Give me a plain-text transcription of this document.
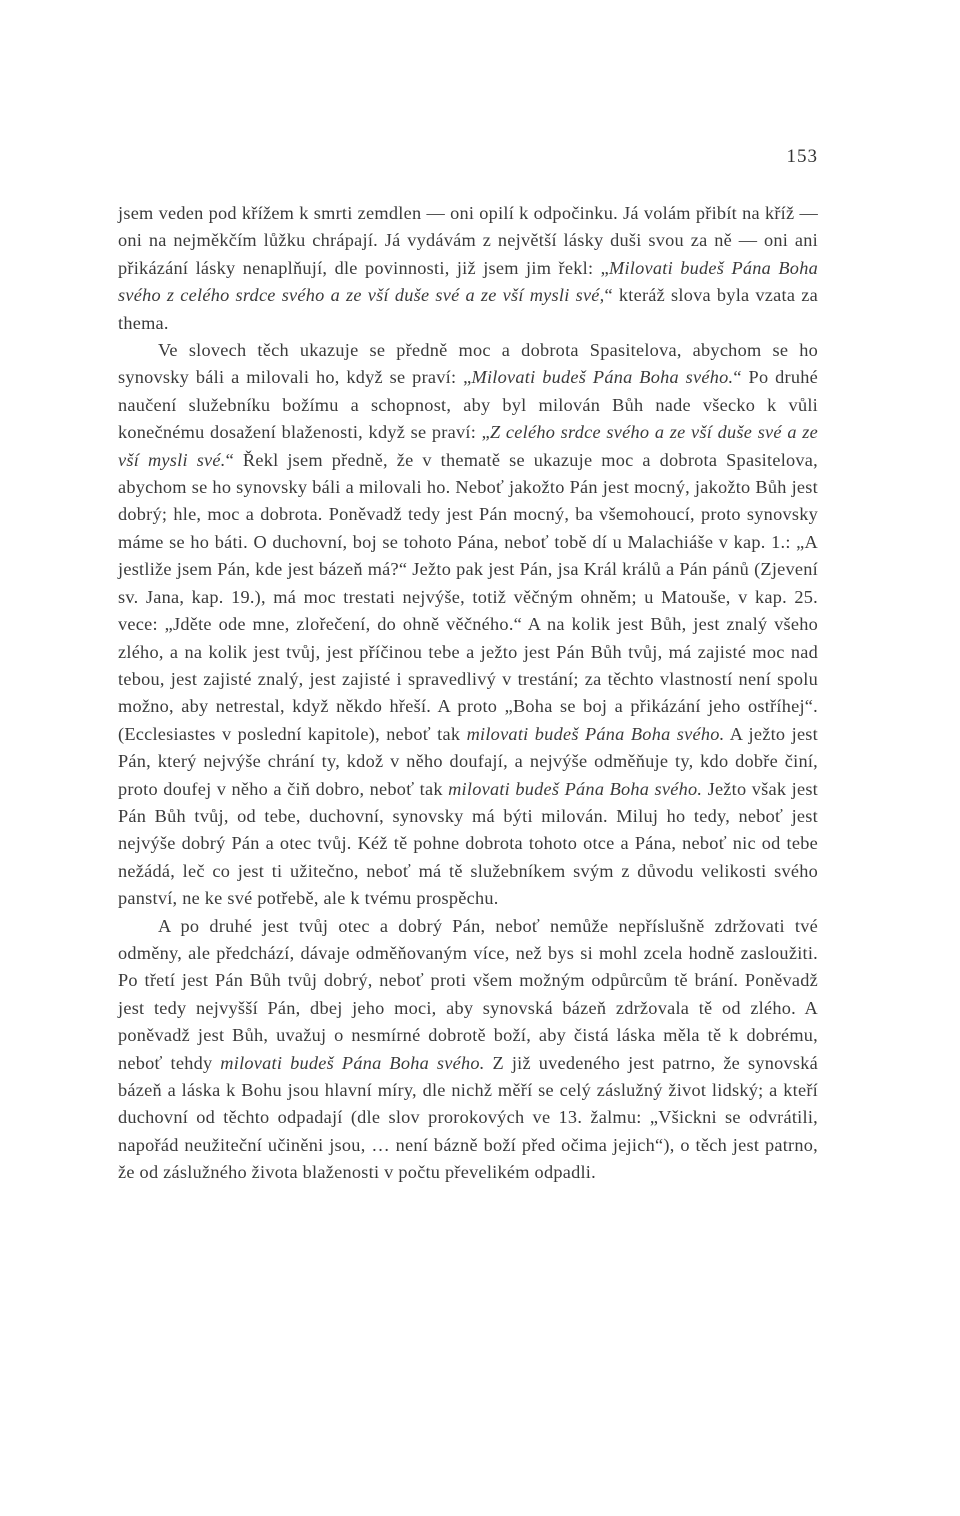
153

jsem veden pod křížem k smrti zemdlen — oni opilí k odpočinku. Já volám přibít na kříž — oni na nejměkčím lůžku chrápají. Já vydávám z největší lásky duši svou za ně — oni ani přikázání lásky nenaplňují, dle povinnosti, již jsem jim řekl: „Milovati budeš Pána Boha svého z celého srdce svého a ze vší duše své a ze vší mysli své,“ kteráž slova byla vzata za thema.

Ve slovech těch ukazuje se předně moc a dobrota Spasitelova, abychom se ho synovsky báli a milovali ho, když se praví: „Milovati budeš Pána Boha svého.“ Po druhé naučení služebníku božímu a schopnost, aby byl milován Bůh nade všecko k vůli konečnému dosažení blaženosti, když se praví: „Z celého srdce svého a ze vší duše své a ze vší mysli své.“ Řekl jsem předně, že v thematě se ukazuje moc a dobrota Spasitelova, abychom se ho synovsky báli a milovali ho. Neboť jakožto Pán jest mocný, jakožto Bůh jest dobrý; hle, moc a dobrota. Poněvadž tedy jest Pán mocný, ba všemohoucí, proto synovsky máme se ho báti. O duchovní, boj se tohoto Pána, neboť tobě dí u Malachiáše v kap. 1.: „A jestliže jsem Pán, kde jest bázeň má?“ Ježto pak jest Pán, jsa Král králů a Pán pánů (Zjevení sv. Jana, kap. 19.), má moc trestati nejvýše, totiž věčným ohněm; u Matouše, v kap. 25. vece: „Jděte ode mne, zlořečení, do ohně věčného.“ A na kolik jest Bůh, jest znalý všeho zlého, a na kolik jest tvůj, jest příčinou tebe a ježto jest Pán Bůh tvůj, má zajisté moc nad tebou, jest zajisté znalý, jest zajisté i spravedlivý v trestání; za těchto vlastností není spolu možno, aby netrestal, když někdo hřeší. A proto „Boha se boj a přikázání jeho ostříhej“. (Ecclesiastes v poslední kapitole), neboť tak milovati budeš Pána Boha svého. A ježto jest Pán, který nejvýše chrání ty, kdož v něho doufají, a nejvýše odměňuje ty, kdo dobře činí, proto doufej v něho a čiň dobro, neboť tak milovati budeš Pána Boha svého. Ježto však jest Pán Bůh tvůj, od tebe, duchovní, synovsky má býti milován. Miluj ho tedy, neboť jest nejvýše dobrý Pán a otec tvůj. Kéž tě pohne dobrota tohoto otce a Pána, neboť nic od tebe nežádá, leč co jest ti užitečno, neboť má tě služebníkem svým z důvodu velikosti svého panství, ne ke své potřebě, ale k tvému prospěchu.

A po druhé jest tvůj otec a dobrý Pán, neboť nemůže nepříslušně zdržovati tvé odměny, ale předchází, dávaje odměňovaným více, než bys si mohl zcela hodně zasloužiti. Po třetí jest Pán Bůh tvůj dobrý, neboť proti všem možným odpůrcům tě brání. Poněvadž jest tedy nejvyšší Pán, dbej jeho moci, aby synovská bázeň zdržovala tě od zlého. A poněvadž jest Bůh, uvažuj o nesmírné dobrotě boží, aby čistá láska měla tě k dobrému, neboť tehdy milovati budeš Pána Boha svého. Z již uvedeného jest patrno, že synovská bázeň a láska k Bohu jsou hlavní míry, dle nichž měří se celý záslužný život lidský; a kteří duchovní od těchto odpadají (dle slov prorokových ve 13. žalmu: „Všickni se odvrátili, napořád neužiteční učiněni jsou, … není bázně boží před očima jejich“), o těch jest patrno, že od záslužného života blaženosti v počtu převelikém odpadli.
